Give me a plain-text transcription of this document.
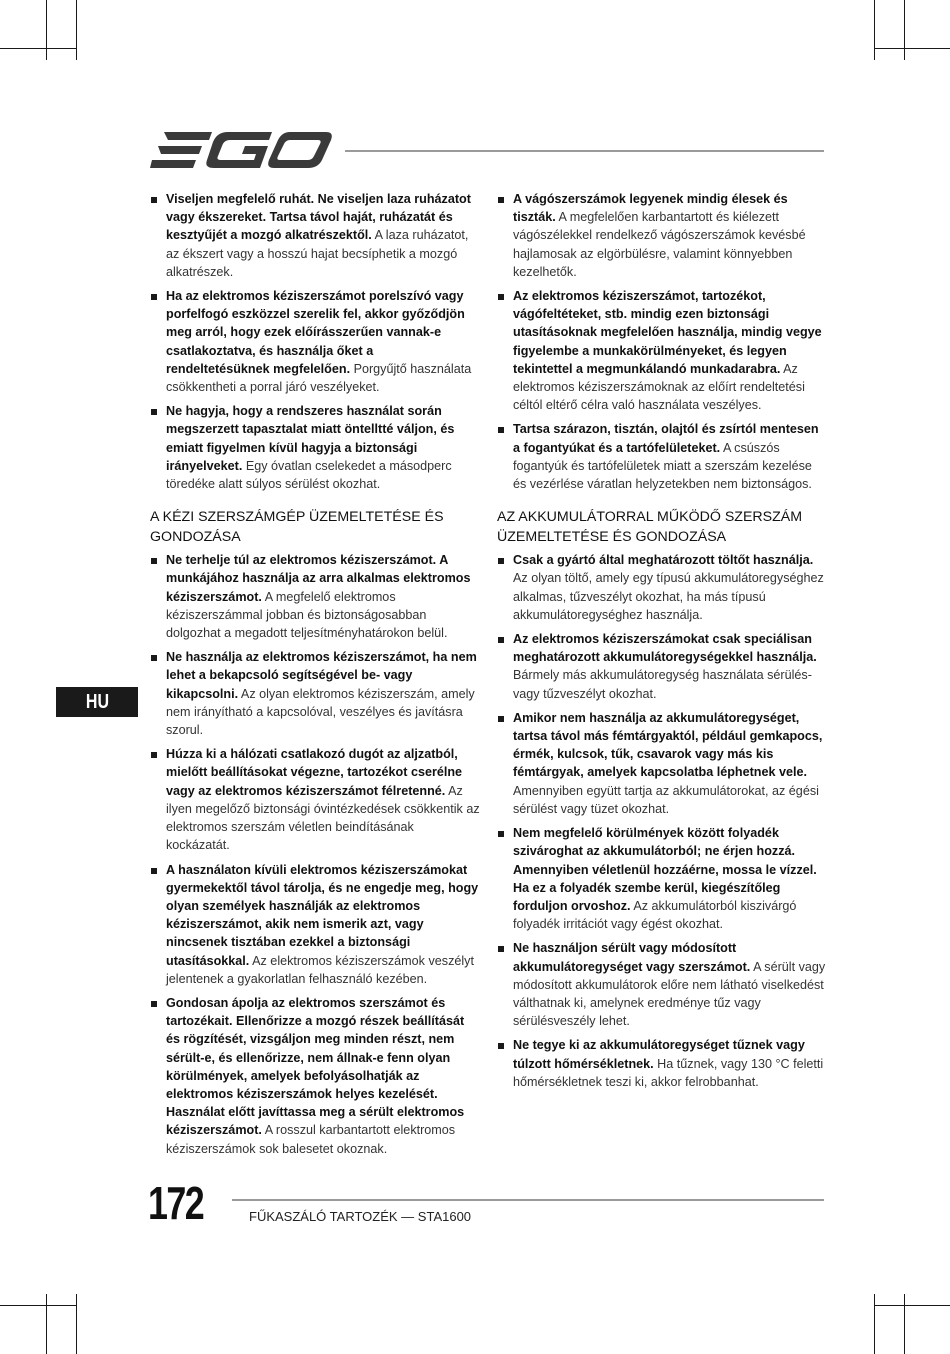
HU
Viseljen megfelelő ruhát. Ne viseljen laza ruházatot vagy ékszereket. Tartsa távol haját, ruházatát és kesztyűjét a mozgó alkatrészektől. A laza ruházatot, az ékszert vagy a hosszú hajat becsíphetik a mozgó alkatrészek.
Ha az elektromos kéziszerszámot porelszívó vagy porfelfogó eszközzel szerelik fel, akkor győződjön meg arról, hogy ezek előírásszerűen vannak-e csatlakoztatva, és használja őket a rendeltetésüknek megfelelően. Porgyűjtő használata csökkentheti a porral járó veszélyeket.
Ne hagyja, hogy a rendszeres használat során megszerzett tapasztalat miatt öntelltté váljon, és emiatt figyelmen kívül hagyja a biztonsági irányelveket. Egy óvatlan cselekedet a másodperc töredéke alatt súlyos sérülést okozhat.
A KÉZI SZERSZÁMGÉP ÜZEMELTETÉSE ÉS GONDOZÁSA
Ne terhelje túl az elektromos kéziszerszámot. A munkájához használja az arra alkalmas elektromos kéziszerszámot. A megfelelő elektromos kéziszerszámmal jobban és biztonságosabban dolgozhat a megadott teljesítményhatárokon belül.
Ne használja az elektromos kéziszerszámot, ha nem lehet a bekapcsoló segítségével be- vagy kikapcsolni. Az olyan elektromos kéziszerszám, amely nem irányítható a kapcsolóval, veszélyes és javításra szorul.
Húzza ki a hálózati csatlakozó dugót az aljzatból, mielőtt beállításokat végezne, tartozékot cserélne vagy az elektromos kéziszerszámot félretenné. Az ilyen megelőző biztonsági óvintézkedések csökkentik az elektromos szerszám véletlen beindításának kockázatát.
A használaton kívüli elektromos kéziszerszámokat gyermekektől távol tárolja, és ne engedje meg, hogy olyan személyek használják az elektromos kéziszerszámot, akik nem ismerik azt, vagy nincsenek tisztában ezekkel a biztonsági utasításokkal. Az elektromos kéziszerszámok veszélyt jelentenek a gyakorlatlan felhasználó kezében.
Gondosan ápolja az elektromos szerszámot és tartozékait. Ellenőrizze a mozgó részek beállítását és rögzítését, vizsgáljon meg minden részt, nem sérült-e, és ellenőrizze, nem állnak-e fenn olyan körülmények, amelyek befolyásolhatják az elektromos kéziszerszámok helyes kezelését. Használat előtt javíttassa meg a sérült elektromos kéziszerszámot. A rosszul karbantartott elektromos kéziszerszámok sok balesetet okoznak.
A vágószerszámok legyenek mindig élesek és tiszták. A megfelelően karbantartott és kiélezett vágószélekkel rendelkező vágószerszámok kevésbé hajlamosak az elgörbülésre, valamint könnyebben kezelhetők.
Az elektromos kéziszerszámot, tartozékot, vágófeltéteket, stb. mindig ezen biztonsági utasításoknak megfelelően használja, mindig vegye figyelembe a munkakörülményeket, és legyen tekintettel a megmunkálandó munkadarabra. Az elektromos kéziszerszámoknak az előírt rendeltetési céltól eltérő célra való használata veszélyes.
Tartsa szárazon, tisztán, olajtól és zsírtól mentesen a fogantyúkat és a tartófelületeket. A csúszós fogantyúk és tartófelületek miatt a szerszám kezelése és vezérlése váratlan helyzetekben nem biztonságos.
AZ AKKUMULÁTORRAL MŰKÖDŐ SZERSZÁM ÜZEMELTETÉSE ÉS GONDOZÁSA
Csak a gyártó által meghatározott töltőt használja. Az olyan töltő, amely egy típusú akkumulátoregységhez alkalmas, tűzveszélyt okozhat, ha más típusú akkumulátoregységhez használja.
Az elektromos kéziszerszámokat csak speciálisan meghatározott akkumulátoregységekkel használja. Bármely más akkumulátoregység használata sérülés- vagy tűzveszélyt okozhat.
Amikor nem használja az akkumulátoregységet, tartsa távol más fémtárgyaktól, például gemkapocs, érmék, kulcsok, tűk, csavarok vagy más kis fémtárgyak, amelyek kapcsolatba léphetnek vele. Amennyiben együtt tartja az akkumulátorokat, az égési sérülést vagy tüzet okozhat.
Nem megfelelő körülmények között folyadék szivároghat az akkumulátorból; ne érjen hozzá. Amennyiben véletlenül hozzáérne, mossa le vízzel. Ha ez a folyadék szembe kerül, kiegészítőleg forduljon orvoshoz. Az akkumulátorból kiszivárgó folyadék irritációt vagy égést okozhat.
Ne használjon sérült vagy módosított akkumulátoregységet vagy szerszámot. A sérült vagy módosított akkumulátorok előre nem látható viselkedést válthatnak ki, amelynek eredménye tűz vagy sérülésveszély lehet.
Ne tegye ki az akkumulátoregységet tűznek vagy túlzott hőmérsékletnek. Ha tűznek, vagy 130 °C feletti hőmérsékletnek teszi ki, akkor felrobbanhat.
172	FŰKASZÁLÓ TARTOZÉK — STA1600
